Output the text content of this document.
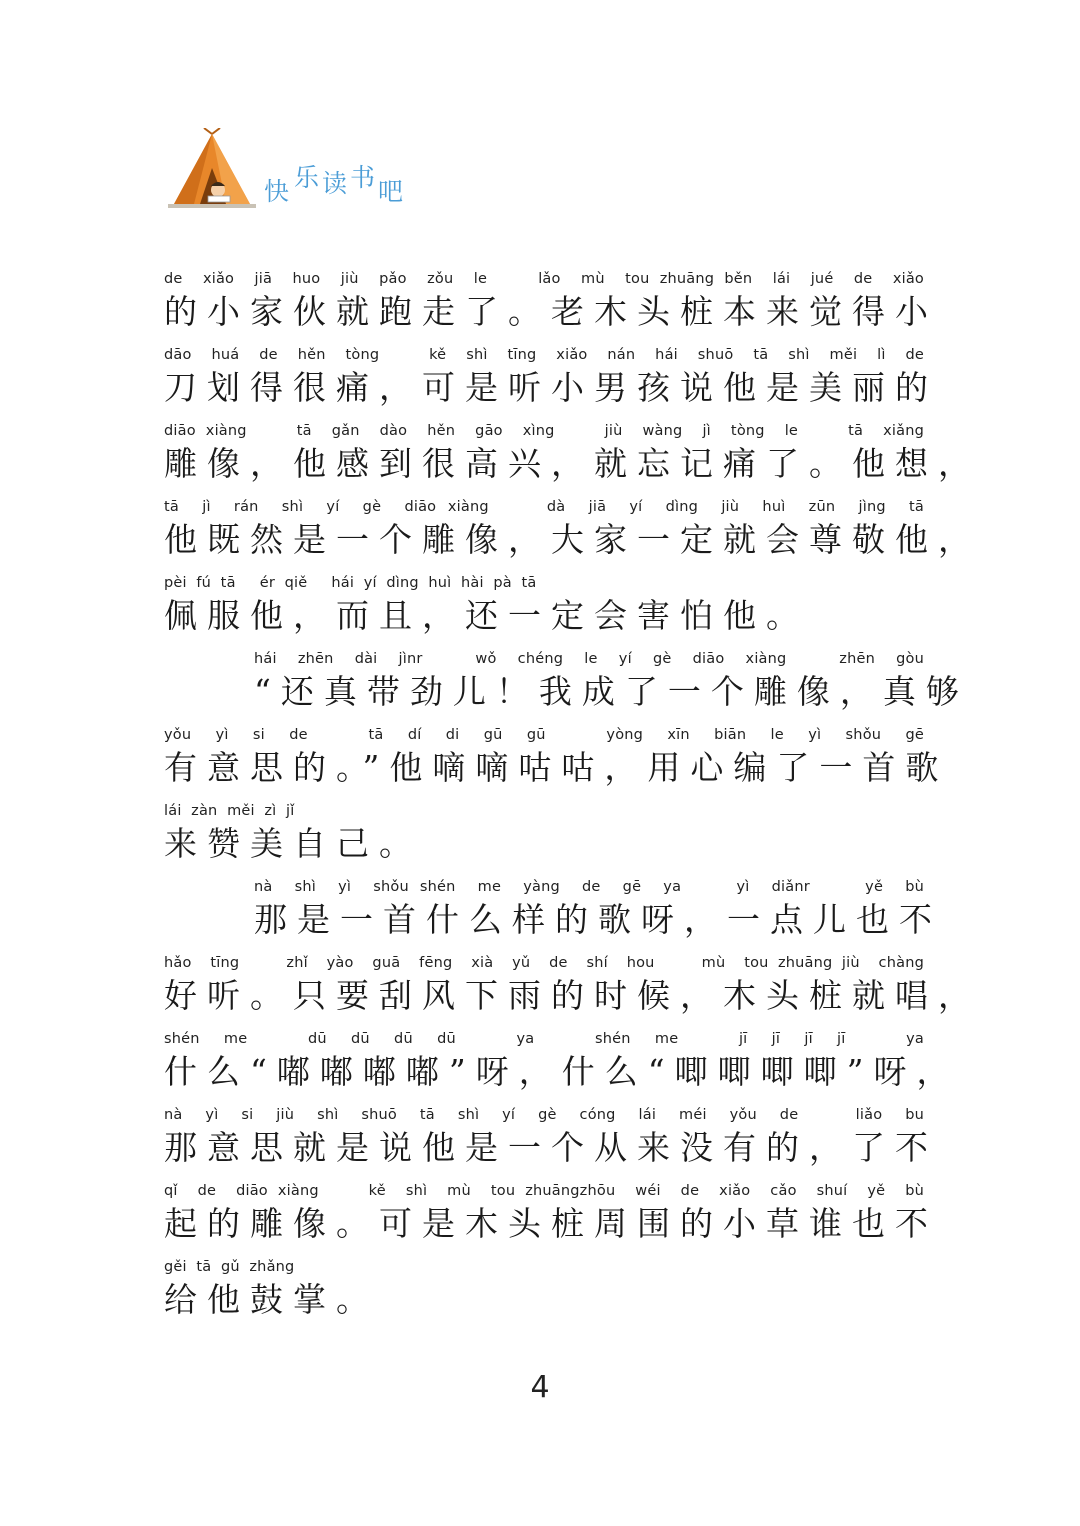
快 乐 读 书 吧
de  xiǎo  jiā  huo  jiù  pǎo  zǒu  le     lǎo  mù  tou zhuāng běn  lái  jué  de  xiǎo
的小家伙就跑走了。老木头桩本来觉得小
dāo  huá  de  hěn  tòng     kě  shì  tīng  xiǎo  nán  hái  shuō  tā  shì  měi  lì  de
刀划得很痛，可是听小男孩说他是美丽的
diāo xiàng     tā  gǎn  dào  hěn  gāo  xìng     jiù  wàng  jì  tòng  le     tā  xiǎng
雕像，他感到很高兴，就忘记痛了。他想，
tā  jì  rán  shì  yí  gè  diāo xiàng     dà  jiā  yí  dìng  jiù  huì  zūn  jìng  tā
他既然是一个雕像，大家一定就会尊敬他，
pèi  fú  tā     ér  qiě     hái  yí  dìng  huì  hài  pà  tā
佩服他，而且，还一定会害怕他。
hái  zhēn  dài  jìnr     wǒ  chéng  le  yí  gè  diāo  xiàng     zhēn  gòu
“还真带劲儿！我成了一个雕像，真够
yǒu  yì  si  de     tā  dí  di  gū  gū     yòng  xīn  biān  le  yì  shǒu  gē
有意思的。”他嘀嘀咕咕，用心编了一首歌
lái  zàn  měi  zì  jǐ
来赞美自己。
nà  shì  yì  shǒu shén  me  yàng  de  gē  ya     yì  diǎnr     yě  bù
那是一首什么样的歌呀，一点儿也不
hǎo  tīng     zhǐ  yào  guā  fēng  xià  yǔ  de  shí  hou     mù  tou zhuāng jiù  chàng
好听。只要刮风下雨的时候，木头桩就唱，
shén  me     dū  dū  dū  dū     ya     shén  me     jī  jī  jī  jī     ya
什么“嘟嘟嘟嘟”呀，什么“唧唧唧唧”呀，
nà  yì  si  jiù  shì  shuō  tā  shì  yí  gè  cóng  lái  méi  yǒu  de     liǎo  bu
那意思就是说他是一个从来没有的，了不
qǐ  de  diāo xiàng     kě  shì  mù  tou zhuāngzhōu  wéi  de  xiǎo  cǎo  shuí  yě  bù
起的雕像。可是木头桩周围的小草谁也不
gěi  tā  gǔ  zhǎng
给他鼓掌。
4
